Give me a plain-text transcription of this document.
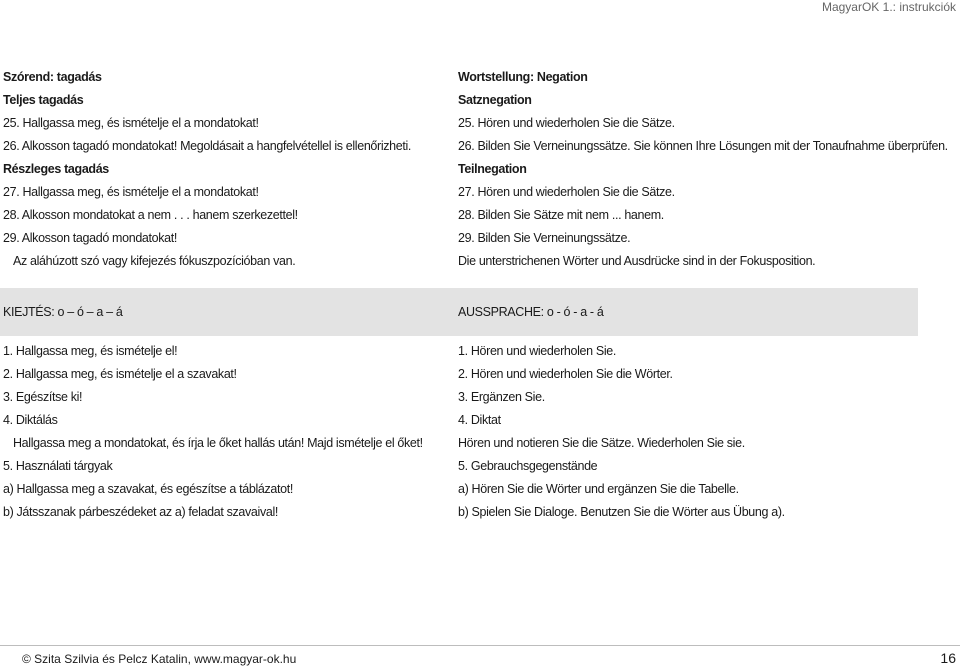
MagyarOK 1.: instrukciók
Szórend: tagadás
Teljes tagadás
25. Hallgassa meg, és ismételje el a mondatokat!
26. Alkosson tagadó mondatokat! Megoldásait a hangfelvétellel is ellenőrizheti.
Részleges tagadás
27. Hallgassa meg, és ismételje el a mondatokat!
28. Alkosson mondatokat a nem . . . hanem szerkezettel!
29. Alkosson tagadó mondatokat!
Az aláhúzott szó vagy kifejezés fókuszpozícióban van.
Wortstellung: Negation
Satznegation
25. Hören und wiederholen Sie die Sätze.
26. Bilden Sie Verneinungssätze. Sie können Ihre Lösungen mit der Tonaufnahme überprüfen.
Teilnegation
27. Hören und wiederholen Sie die Sätze.
28. Bilden Sie Sätze mit nem ... hanem.
29. Bilden Sie Verneinungssätze.
Die unterstrichenen Wörter und Ausdrücke sind in der Fokusposition.
KIEJTÉS: o – ó – a – á	AUSSPRACHE: o - ó - a - á
1. Hallgassa meg, és ismételje el!
2. Hallgassa meg, és ismételje el a szavakat!
3. Egészítse ki!
4. Diktálás
Hallgassa meg a mondatokat, és írja le őket hallás után! Majd ismételje el őket!
5. Használati tárgyak
a) Hallgassa meg a szavakat, és egészítse a táblázatot!
b) Játsszanak párbeszédeket az a) feladat szavaival!
1. Hören und wiederholen Sie.
2. Hören und wiederholen Sie die Wörter.
3. Ergänzen Sie.
4. Diktat
Hören und notieren Sie die Sätze. Wiederholen Sie sie.
5. Gebrauchsgegenstände
a) Hören Sie die Wörter und ergänzen Sie die Tabelle.
b) Spielen Sie Dialoge. Benutzen Sie die Wörter aus Übung a).
© Szita Szilvia és Pelcz Katalin, www.magyar-ok.hu	16
